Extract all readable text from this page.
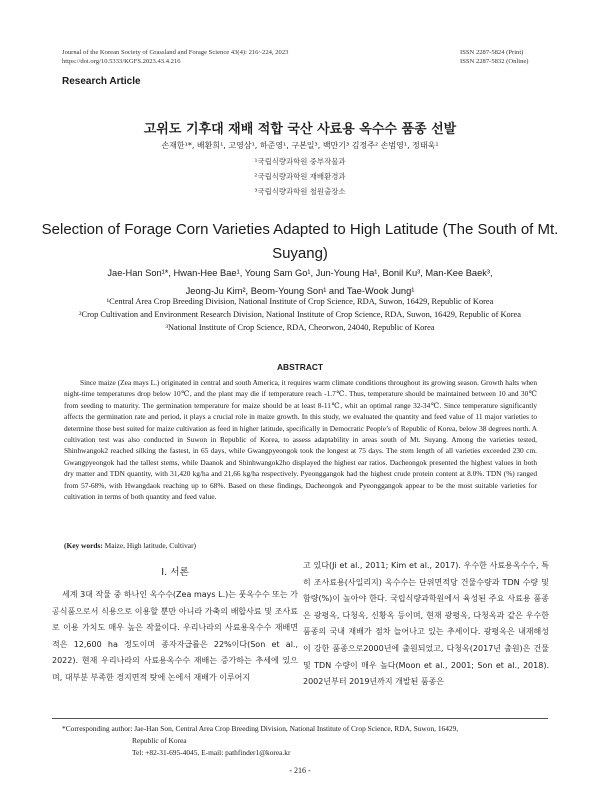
Journal of the Korean Society of Grassland and Forage Science 43(4): 216~224, 2023
https://doi.org/10.5333/KGFS.2023.43.4.216
ISSN 2287-5824 (Print)
ISSN 2287-5832 (Online)
Research Article
고위도 기후대 재배 적합 국산 사료용 옥수수 품종 선발
손재한¹*, 배환희¹, 고영삼¹, 하준영¹, 구본일³, 백만기³ 김정주² 손범영¹, 정태욱¹
¹국립식량과학원 중부작물과
²국립식량과학원 재배환경과
³국립식량과학원 철원출장소
Selection of Forage Corn Varieties Adapted to High Latitude (The South of Mt. Suyang)
Jae-Han Son¹*, Hwan-Hee Bae¹, Young Sam Go¹, Jun-Young Ha¹, Bonil Ku³, Man-Kee Baek³,
Jeong-Ju Kim², Beom-Young Son¹ and Tae-Wook Jung¹
¹Central Area Crop Breeding Division, National Institute of Crop Science, RDA, Suwon, 16429, Republic of Korea
²Crop Cultivation and Environment Research Division, National Institute of Crop Science, RDA, Suwon, 16429, Republic of Korea
³National Institute of Crop Science, RDA, Cheorwon, 24040, Republic of Korea
ABSTRACT
Since maize (Zea mays L.) originated in central and south America, it requires warm climate conditions throughout its growing season. Growth halts when night-time temperatures drop below 10℃, and the plant may die if temperature reach -1.7℃. Thus, temperature should be maintained between 10 and 30℃ from seeding to maturity. The germination temperature for maize should be at least 8-11℃, whit an optimal range 32-34℃. Since temperature significantly affects the germination rate and period, it plays a crucial role in maize growth. In this study, we evaluated the quantity and feed value of 11 major varieties to determine those best suited for maize cultivation as feed in higher latitude, specifically in Democratic People’s of Republic of Korea, below 38 degrees north. A cultivation test was also conducted in Suwon in Republic of Korea, to assess adaptability in areas south of Mt. Suyang. Among the varieties tested, Shinhwangok2 reached silking the fastest, in 65 days, while Gwangpyeongok took the longest at 75 days. The stem length of all varieties exceeded 230 cm. Gwangpyeongok had the tallest stems, while Daanok and Shinhwangok2ho displayed the highest ear ratios. Dacheongok presented the highest values in both dry matter and TDN quantity, with 31,420 kg/ha and 21,66 kg/ha respectively. Pyeonggangok had the highest crude protein content at 8.0%. TDN (%) ranged from 57-68%, with Hwangdaok reaching up to 68%. Based on these findings, Dacheongok and Pyeonggangok appear to be the most suitable varieties for cultivation in terms of both quantity and feed value.
(Key words: Maize, High latitude, Cultivar)
Ⅰ. 서론
세계 3대 작물 중 하나인 옥수수(Zea mays L.)는 풋옥수수 또는 가공식품으로서 식용으로 이용할 뿐만 아니라 가축의 배합사료 및 조사료로 이용 가치도 매우 높은 작물이다. 우리나라의 사료용옥수수 재배면적은 12,600 ha 정도이며 종자자급률은 22%이다(Son et al., 2022). 현재 우리나라의 사료용옥수수 재배는 증가하는 추세에 있으며, 대부분 부족한 경지면적 탓에 논에서 재배가 이루어지
고 있다(Ji et al., 2011; Kim et al., 2017). 우수한 사료용옥수수, 특히 조사료용(사일리지) 옥수수는 단위면적당 건물수량과 TDN 수량 및 함량(%)이 높아야 한다. 국립식량과학원에서 육성된 주요 사료용 품종은 광평옥, 다청옥, 신황옥 등이며, 현재 광평옥, 다청옥과 같은 우수한 품종의 국내 재배가 점차 늘어나고 있는 추세이다. 광평옥은 내재해성이 강한 품종으로2000년에 출원되었고, 다청옥(2017년 출원)은 건물 및 TDN 수량이 매우 높다(Moon et al., 2001; Son et al., 2018). 2002년부터 2019년까지 개발된 품종은
*Corresponding author: Jae-Han Son, Central Area Crop Breeding Division, National Institute of Crop Science, RDA, Suwon, 16429,
Republic of Korea
Tel: +82-31-695-4045, E-mail: pathfinder1@korea.kr
- 216 -
